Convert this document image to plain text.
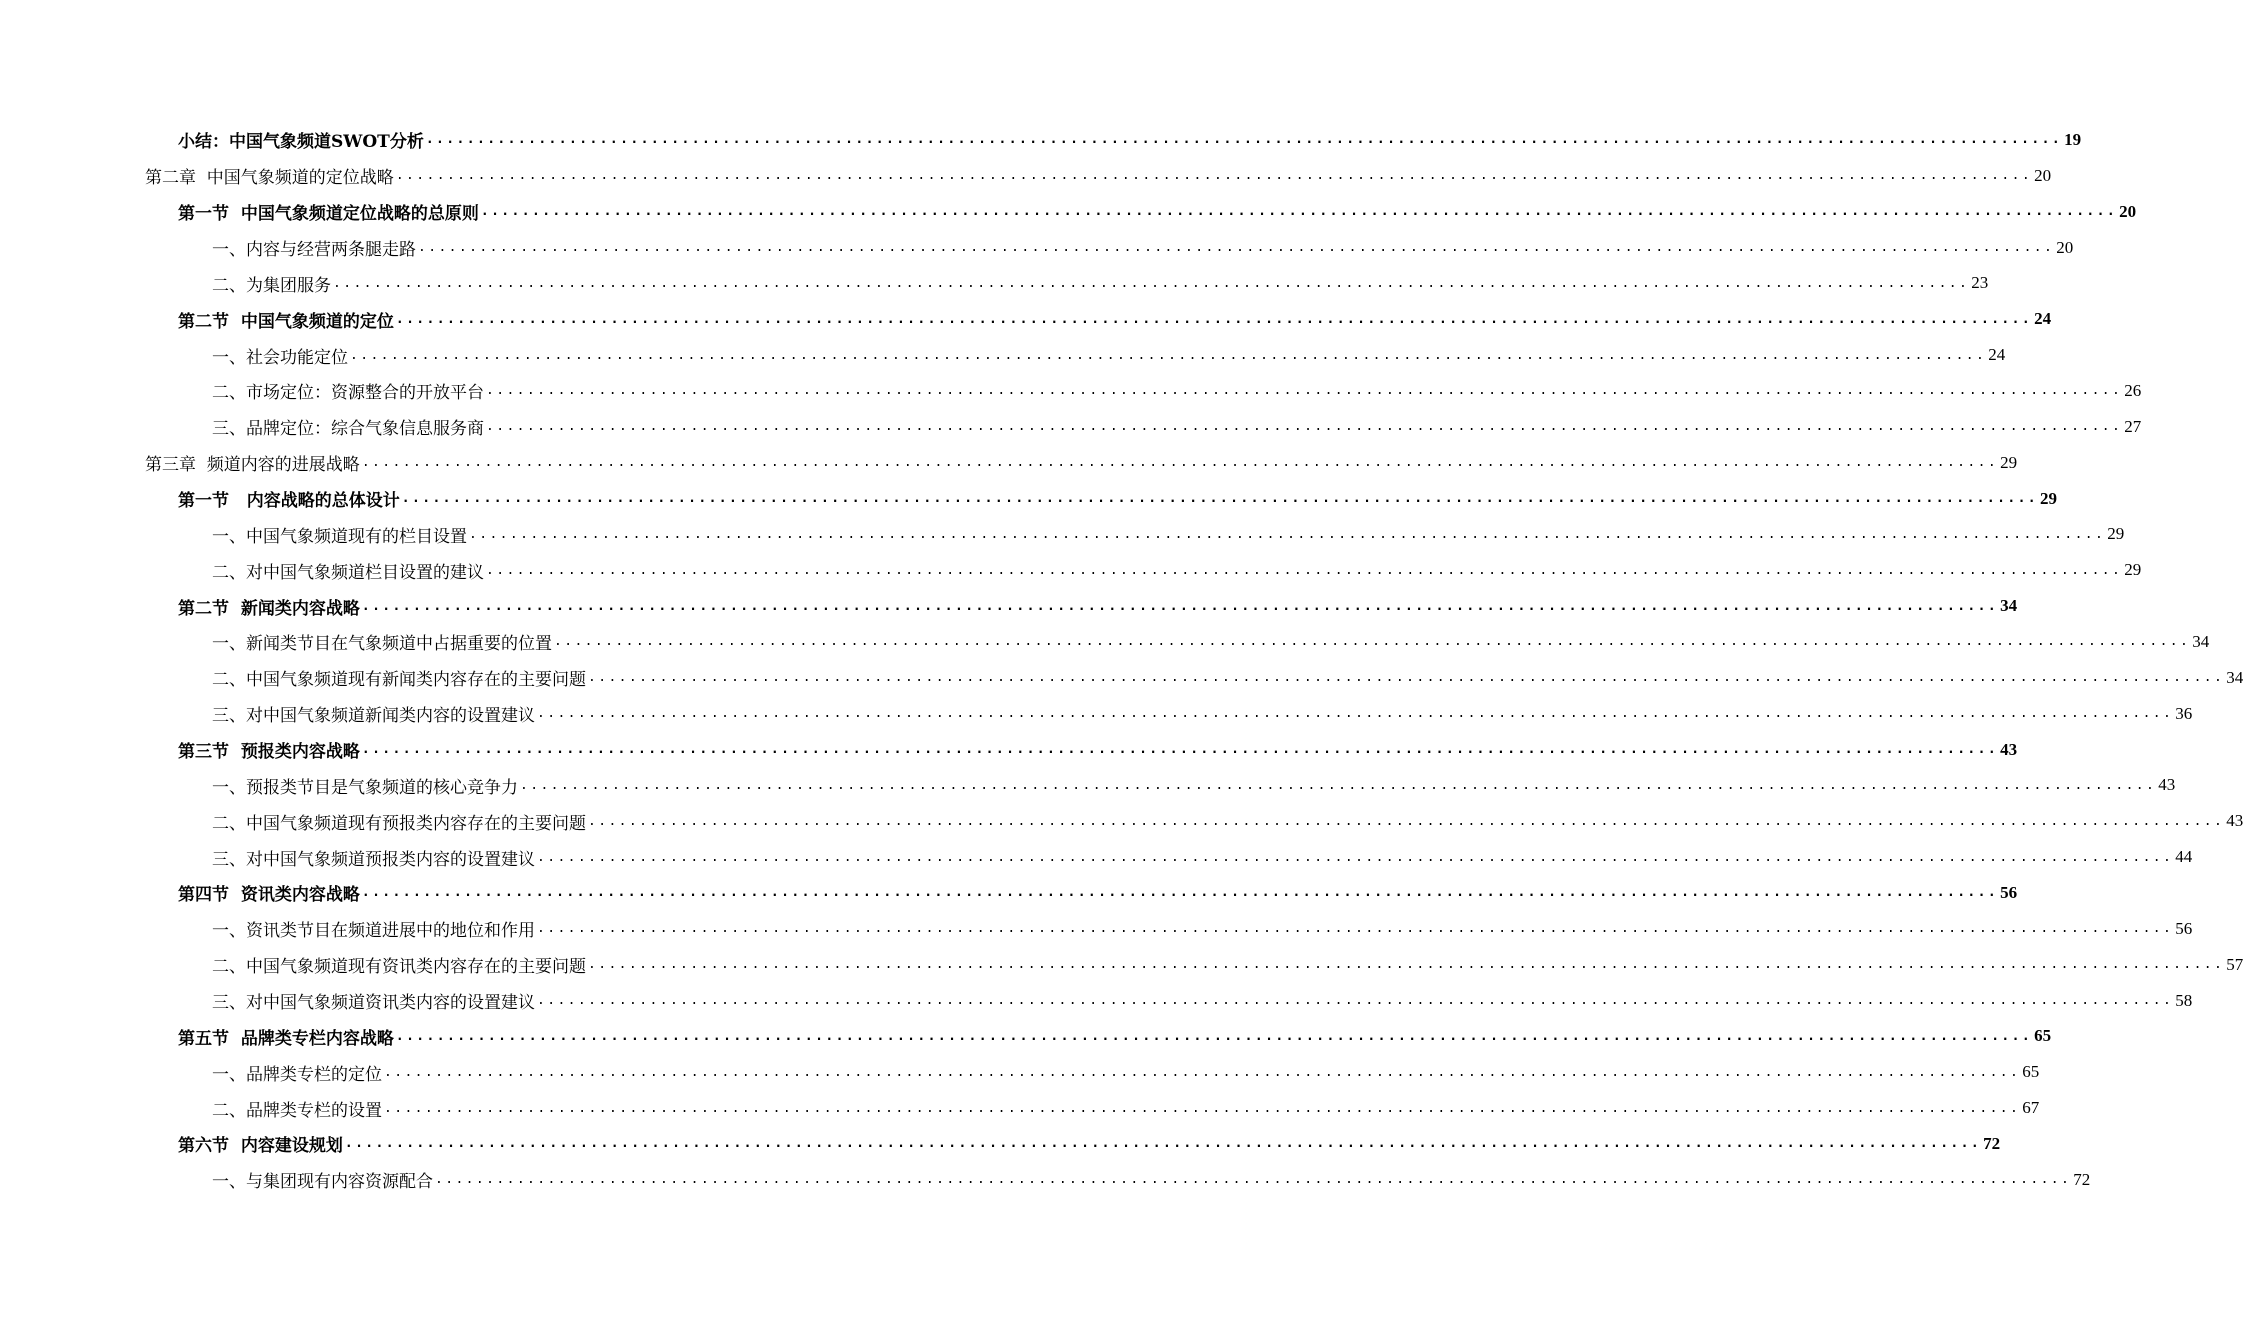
小结：中国气象频道SWOT分析 ................................................................................................................................................................ 19
第二章  中国气象频道的定位战略 ................................................................................................................................................................ 20
第一节  中国气象频道定位战略的总原则 ................................................................................................................................................................ 20
一、内容与经营两条腿走路 ................................................................................................................................................................ 20
二、为集团服务 ................................................................................................................................................................ 23
第二节  中国气象频道的定位 ................................................................................................................................................................ 24
一、社会功能定位 ................................................................................................................................................................ 24
二、市场定位：资源整合的开放平台 ................................................................................................................................................................ 26
三、品牌定位：综合气象信息服务商 ................................................................................................................................................................ 27
第三章  频道内容的进展战略 ................................................................................................................................................................ 29
第一节   内容战略的总体设计 ................................................................................................................................................................ 29
一、中国气象频道现有的栏目设置 ................................................................................................................................................................ 29
二、对中国气象频道栏目设置的建议 ................................................................................................................................................................ 29
第二节  新闻类内容战略 ................................................................................................................................................................ 34
一、新闻类节目在气象频道中占据重要的位置 ................................................................................................................................................................ 34
二、中国气象频道现有新闻类内容存在的主要问题 ................................................................................................................................................................ 34
三、对中国气象频道新闻类内容的设置建议 ................................................................................................................................................................ 36
第三节  预报类内容战略 ................................................................................................................................................................ 43
一、预报类节目是气象频道的核心竞争力 ................................................................................................................................................................ 43
二、中国气象频道现有预报类内容存在的主要问题 ................................................................................................................................................................ 43
三、对中国气象频道预报类内容的设置建议 ................................................................................................................................................................ 44
第四节  资讯类内容战略 ................................................................................................................................................................ 56
一、资讯类节目在频道进展中的地位和作用 ................................................................................................................................................................ 56
二、中国气象频道现有资讯类内容存在的主要问题 ................................................................................................................................................................ 57
三、对中国气象频道资讯类内容的设置建议 ................................................................................................................................................................ 58
第五节  品牌类专栏内容战略 ................................................................................................................................................................ 65
一、品牌类专栏的定位 ................................................................................................................................................................ 65
二、品牌类专栏的设置 ................................................................................................................................................................ 67
第六节  内容建设规划 ................................................................................................................................................................ 72
一、与集团现有内容资源配合 ................................................................................................................................................................ 72
